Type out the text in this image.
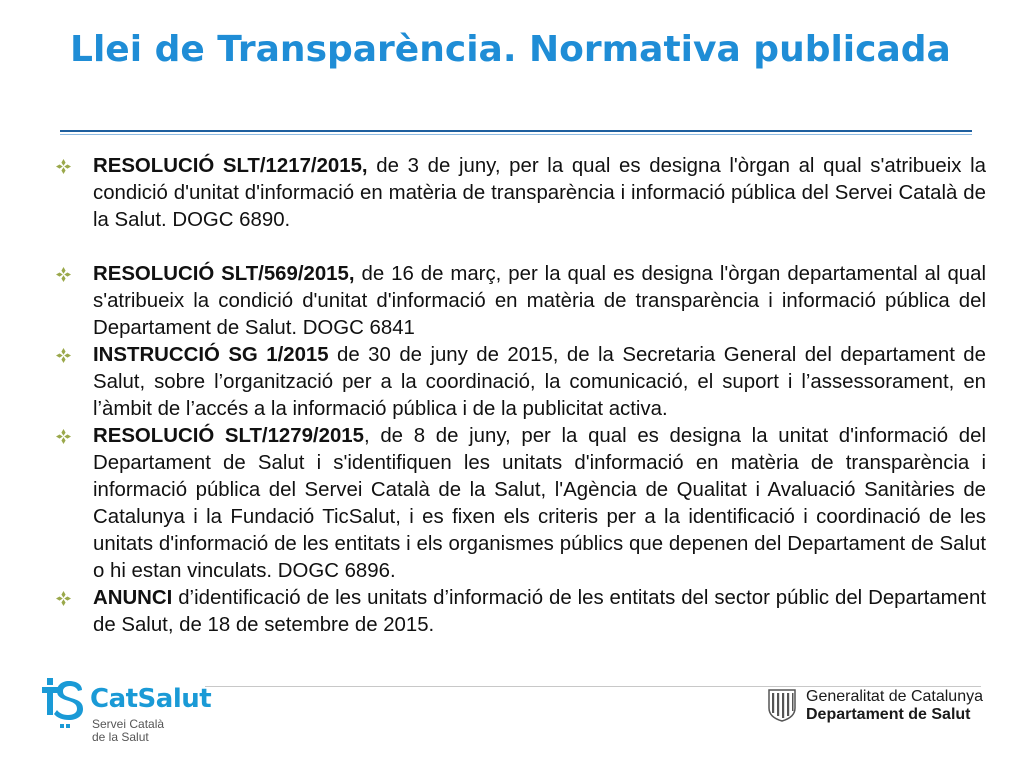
Llei de Transparència. Normativa publicada
RESOLUCIÓ SLT/1217/2015, de 3 de juny, per la qual es designa l'òrgan al qual s'atribueix la condició d'unitat d'informació en matèria de transparència i informació pública del Servei Català de la Salut. DOGC 6890.
RESOLUCIÓ SLT/569/2015, de 16 de març, per la qual es designa l'òrgan departamental al qual s'atribueix la condició d'unitat d'informació en matèria de transparència i informació pública del Departament de Salut. DOGC 6841
INSTRUCCIÓ SG 1/2015 de 30 de juny de 2015, de la Secretaria General del departament de Salut, sobre l’organització per a la coordinació, la comunicació, el suport i l’assessorament, en l’àmbit de l’accés a la informació pública i de la publicitat activa.
RESOLUCIÓ SLT/1279/2015, de 8 de juny, per la qual es designa la unitat d'informació del Departament de Salut i s'identifiquen les unitats d'informació en matèria de transparència i informació pública del Servei Català de la Salut, l'Agència de Qualitat i Avaluació Sanitàries de Catalunya i la Fundació TicSalut, i es fixen els criteris per a la identificació i coordinació de les unitats d'informació de les entitats i els organismes públics que depenen del Departament de Salut o hi estan vinculats. DOGC 6896.
ANUNCI d’identificació de les unitats d’informació de les entitats del sector públic del Departament de Salut, de 18 de setembre de 2015.
CatSalut
Servei Català
de la Salut
Generalitat de Catalunya
Departament de Salut
